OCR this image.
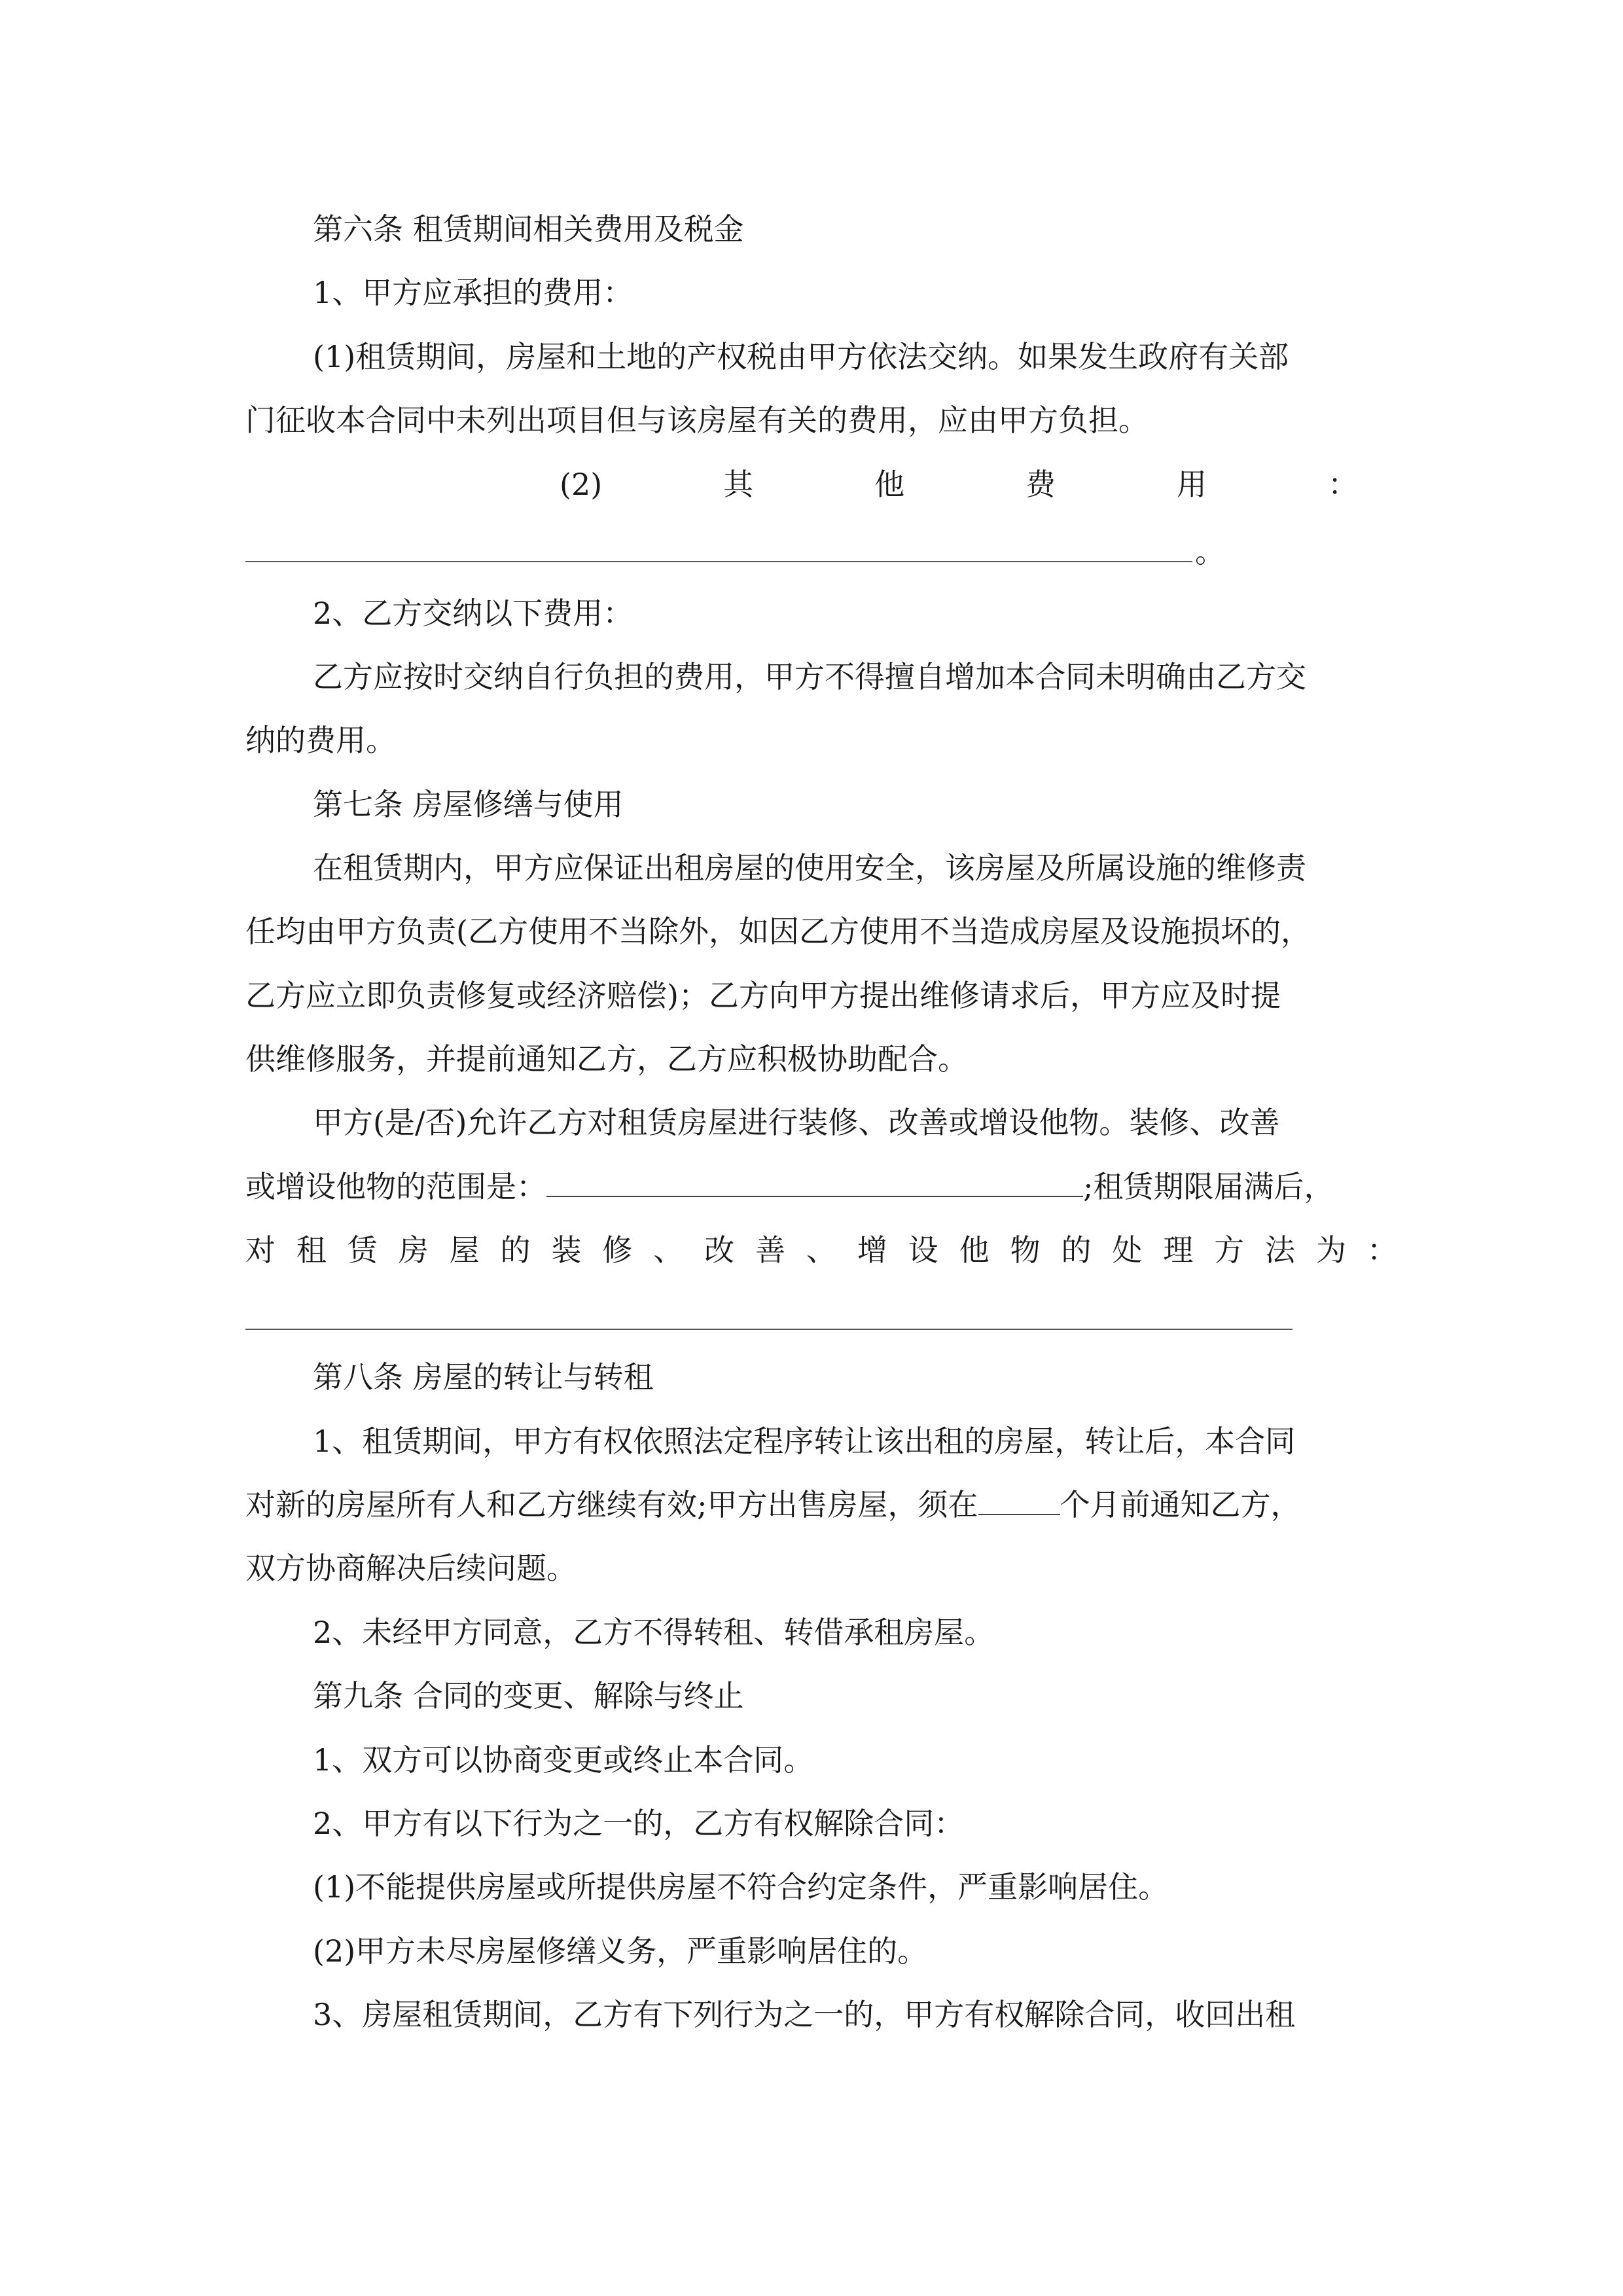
第六条 租赁期间相关费用及税金
1、甲方应承担的费用：
(1)租赁期间，房屋和土地的产权税由甲方依法交纳。如果发生政府有关部
门征收本合同中未列出项目但与该房屋有关的费用，应由甲方负担。
(2)	其	他	费	用	：
。
2、乙方交纳以下费用：
乙方应按时交纳自行负担的费用，甲方不得擅自增加本合同未明确由乙方交
纳的费用。
第七条 房屋修缮与使用
在租赁期内，甲方应保证出租房屋的使用安全，该房屋及所属设施的维修责
任均由甲方负责(乙方使用不当除外，如因乙方使用不当造成房屋及设施损坏的，
乙方应立即负责修复或经济赔偿)；乙方向甲方提出维修请求后，甲方应及时提
供维修服务，并提前通知乙方，乙方应积极协助配合。
甲方(是/否)允许乙方对租赁房屋进行装修、改善或增设他物。装修、改善
或增设他物的范围是：	;租赁期限届满后，
对 租 赁 房 屋 的 装 修 、 改 善 、 增 设 他 物 的 处 理 方 法 为 ：
第八条 房屋的转让与转租
1、租赁期间，甲方有权依照法定程序转让该出租的房屋，转让后，本合同
对新的房屋所有人和乙方继续有效;甲方出售房屋，须在	个月前通知乙方，
双方协商解决后续问题。
2、未经甲方同意，乙方不得转租、转借承租房屋。
第九条 合同的变更、解除与终止
1、双方可以协商变更或终止本合同。
2、甲方有以下行为之一的，乙方有权解除合同：
(1)不能提供房屋或所提供房屋不符合约定条件，严重影响居住。
(2)甲方未尽房屋修缮义务，严重影响居住的。
3、房屋租赁期间，乙方有下列行为之一的，甲方有权解除合同，收回出租
